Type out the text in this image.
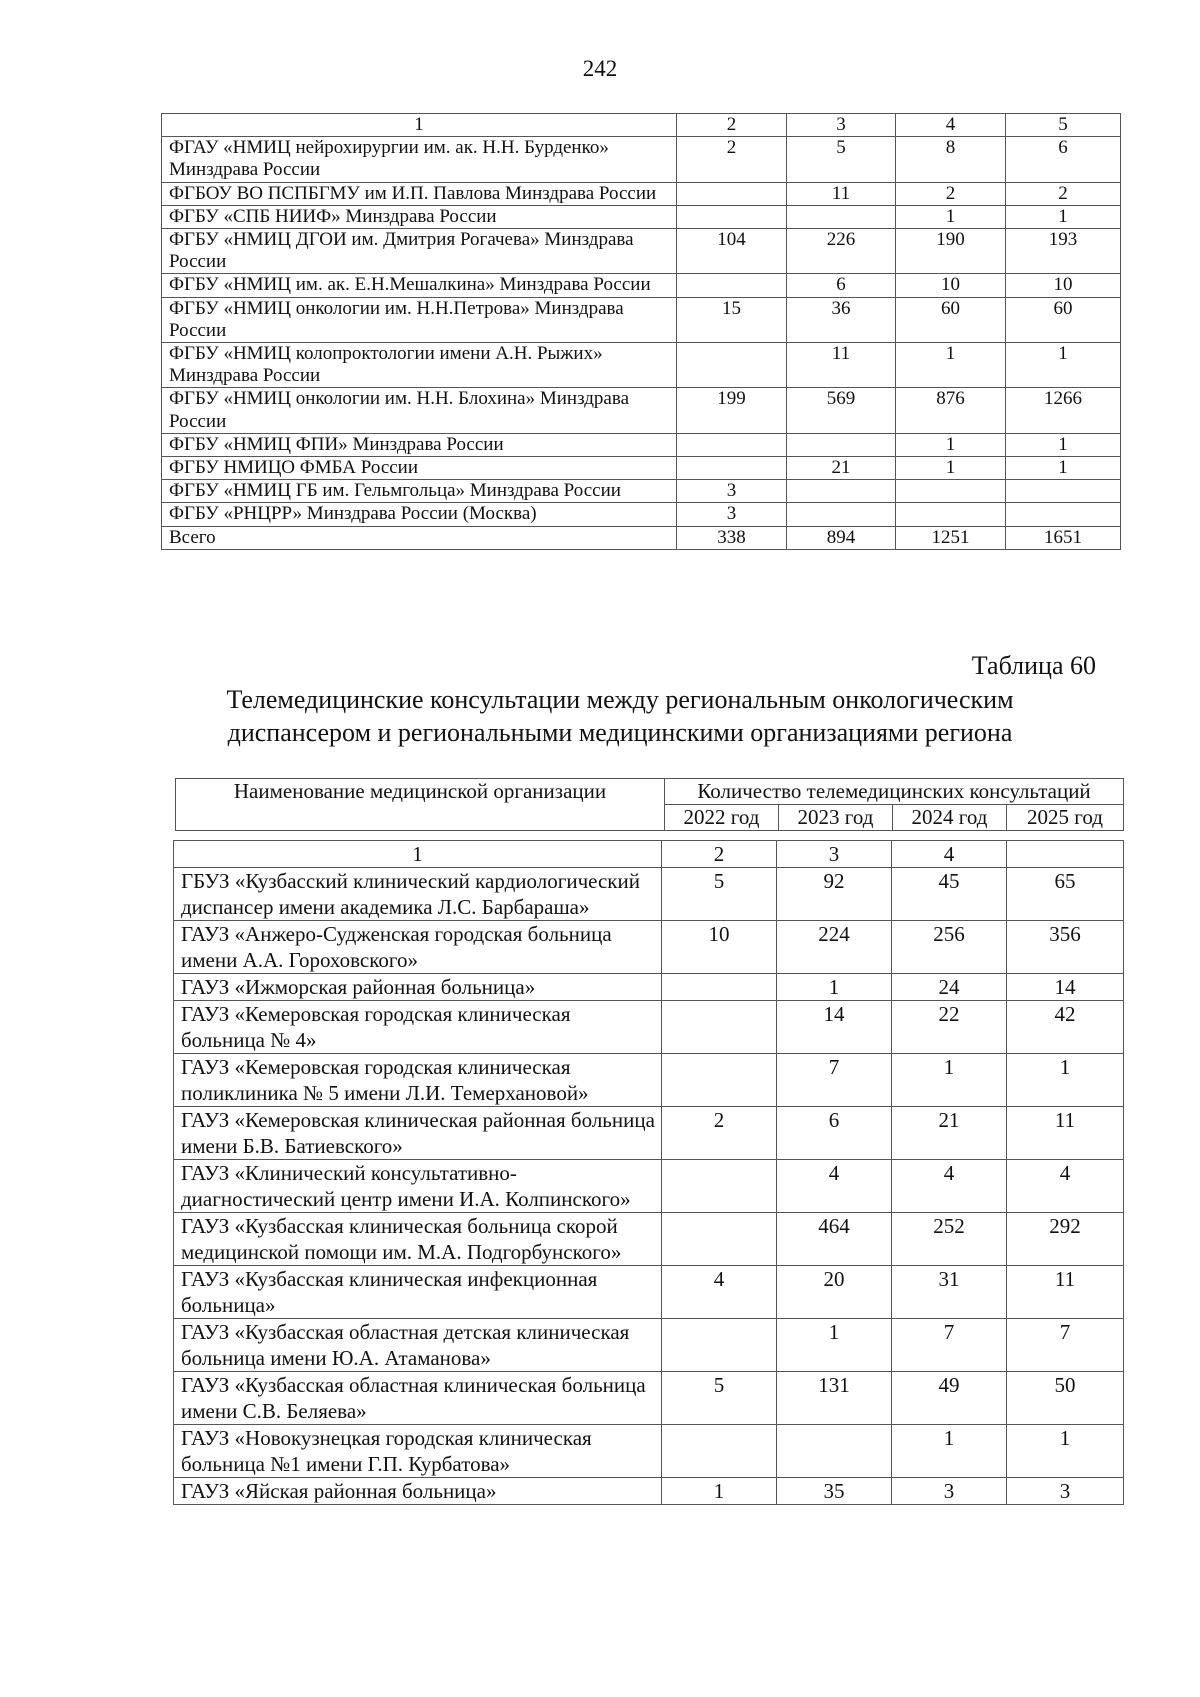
242
1	2	3	4	5
ФГАУ «НМИЦ нейрохирургии им. ак. Н.Н. Бурденко» Минздрава России	2	5	8	6
ФГБОУ ВО ПСПБГМУ им И.П. Павлова Минздрава России		11	2	2
ФГБУ «СПБ НИИФ» Минздрава России			1	1
ФГБУ «НМИЦ ДГОИ им. Дмитрия Рогачева» Минздрава России	104	226	190	193
ФГБУ «НМИЦ им. ак. Е.Н.Мешалкина» Минздрава России		6	10	10
ФГБУ «НМИЦ онкологии им. Н.Н.Петрова» Минздрава России	15	36	60	60
ФГБУ «НМИЦ колопроктологии имени А.Н. Рыжих» Минздрава России		11	1	1
ФГБУ «НМИЦ онкологии им. Н.Н. Блохина» Минздрава России	199	569	876	1266
ФГБУ «НМИЦ ФПИ» Минздрава России			1	1
ФГБУ НМИЦО ФМБА России		21	1	1
ФГБУ «НМИЦ ГБ им. Гельмгольца» Минздрава России	3			
ФГБУ «РНЦРР» Минздрава России (Москва)	3			
Всего	338	894	1251	1651
Таблица 60
Телемедицинские консультации между региональным онкологическим
диспансером и региональными медицинскими организациями региона
Наименование медицинской организации	Количество телемедицинских консультаций			
	2022 год	2023 год	2024 год	2025 год
1	2	3	4	
ГБУЗ «Кузбасский клинический кардиологический диспансер имени академика Л.С. Барбараша»	5	92	45	65
ГАУЗ «Анжеро-Судженская городская больница имени А.А. Гороховского»	10	224	256	356
ГАУЗ «Ижморская районная больница»		1	24	14
ГАУЗ «Кемеровская городская клиническая больница № 4»		14	22	42
ГАУЗ «Кемеровская городская клиническая поликлиника № 5 имени Л.И. Темерхановой»		7	1	1
ГАУЗ «Кемеровская клиническая районная больница имени Б.В. Батиевского»	2	6	21	11
ГАУЗ «Клинический консультативно-диагностический центр имени И.А. Колпинского»		4	4	4
ГАУЗ «Кузбасская клиническая больница скорой медицинской помощи им. М.А. Подгорбунского»		464	252	292
ГАУЗ «Кузбасская клиническая инфекционная больница»	4	20	31	11
ГАУЗ «Кузбасская областная детская клиническая больница имени Ю.А. Атаманова»		1	7	7
ГАУЗ «Кузбасская областная клиническая больница имени С.В. Беляева»	5	131	49	50
ГАУЗ «Новокузнецкая городская клиническая больница №1 имени Г.П. Курбатова»			1	1
ГАУЗ «Яйская районная больница»	1	35	3	3
